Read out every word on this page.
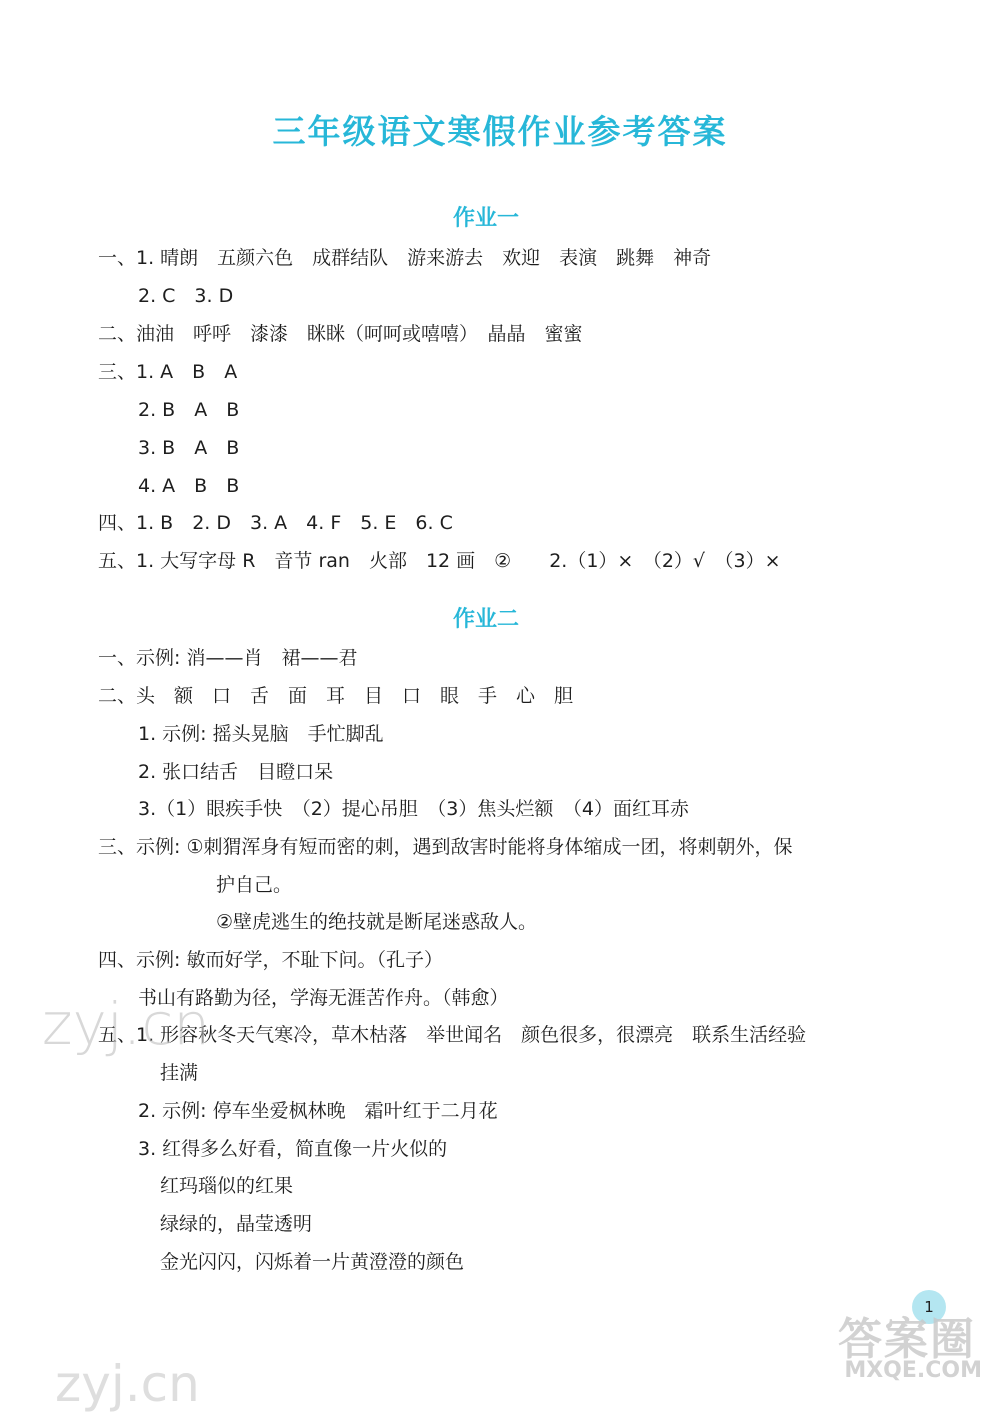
三年级语文寒假作业参考答案
作业一
一、1. 晴朗　五颜六色　成群结队　游来游去　欢迎　表演　跳舞　神奇
2. C　3. D
二、油油　呼呼　漆漆　眯眯（呵呵或嘻嘻）　晶晶　蜜蜜
三、1. A　B　A
2. B　A　B
3. B　A　B
4. A　B　B
四、1. B　2. D　3. A　4. F　5. E　6. C
五、1. 大写字母 R　音节 ran　火部　12 画　②　　2.（1）×　（2）√　（3）×
作业二
一、示例: 消——肖　裙——君
二、头　额　口　舌　面　耳　目　口　眼　手　心　胆
1. 示例: 摇头晃脑　手忙脚乱
2. 张口结舌　目瞪口呆
3.（1）眼疾手快　（2）提心吊胆　（3）焦头烂额　（4）面红耳赤
三、示例: ①刺猬浑身有短而密的刺，遇到敌害时能将身体缩成一团，将刺朝外，保
护自己。
②壁虎逃生的绝技就是断尾迷惑敌人。
四、示例: 敏而好学，不耻下问。（孔子）
书山有路勤为径，学海无涯苦作舟。（韩愈）
五、1. 形容秋冬天气寒冷，草木枯落　举世闻名　颜色很多，很漂亮　联系生活经验
挂满
2. 示例: 停车坐爱枫林晚　霜叶红于二月花
3. 红得多么好看，简直像一片火似的
红玛瑙似的红果
绿绿的，晶莹透明
金光闪闪，闪烁着一片黄澄澄的颜色
zyj.cn
zyj.cn
1
答案圈
MXQE.COM
